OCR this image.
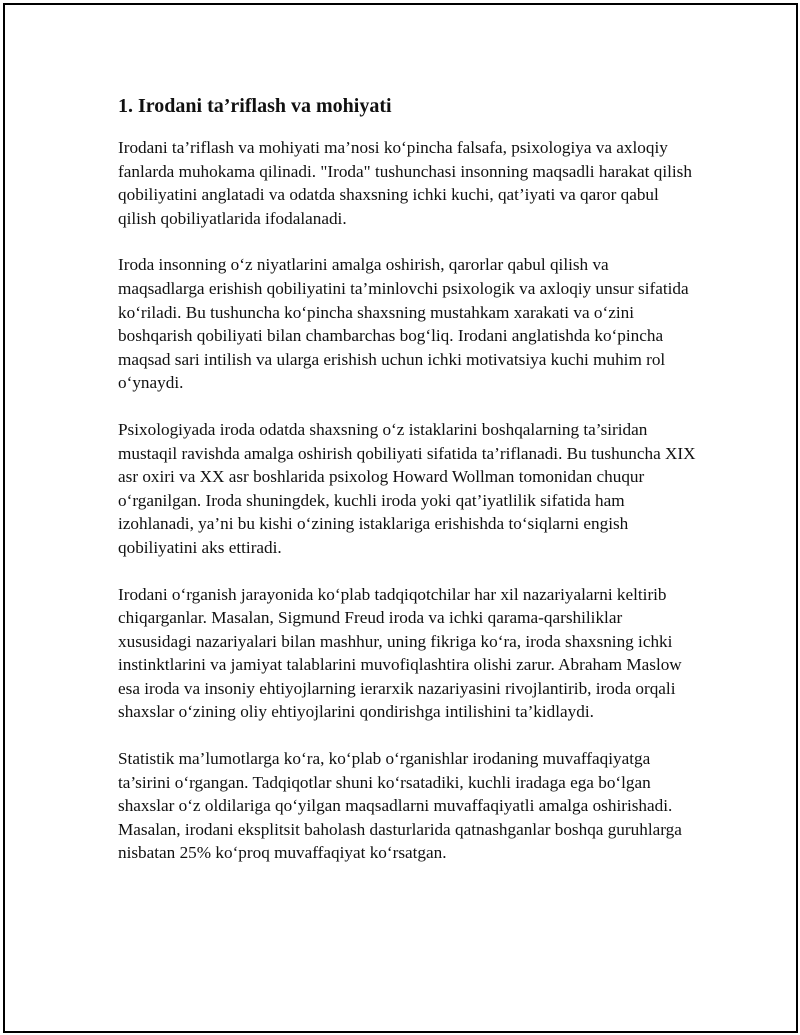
1. Irodani ta’riflash va mohiyati

Irodani ta’riflash va mohiyati ma’nosi ko‘pincha falsafa, psixologiya va axloqiy fanlarda muhokama qilinadi. "Iroda" tushunchasi insonning maqsadli harakat qilish qobiliyatini anglatadi va odatda shaxsning ichki kuchi, qat’iyati va qaror qabul qilish qobiliyatlarida ifodalanadi.

Iroda insonning o‘z niyatlarini amalga oshirish, qarorlar qabul qilish va maqsadlarga erishish qobiliyatini ta’minlovchi psixologik va axloqiy unsur sifatida ko‘riladi. Bu tushuncha ko‘pincha shaxsning mustahkam xarakati va o‘zini boshqarish qobiliyati bilan chambarchas bog‘liq. Irodani anglatishda ko‘pincha maqsad sari intilish va ularga erishish uchun ichki motivatsiya kuchi muhim rol o‘ynaydi.

Psixologiyada iroda odatda shaxsning o‘z istaklarini boshqalarning ta’siridan mustaqil ravishda amalga oshirish qobiliyati sifatida ta’riflanadi. Bu tushuncha XIX asr oxiri va XX asr boshlarida psixolog Howard Wollman tomonidan chuqur o‘rganilgan. Iroda shuningdek, kuchli iroda yoki qat’iyatlilik sifatida ham izohlanadi, ya’ni bu kishi o‘zining istaklariga erishishda to‘siqlarni engish qobiliyatini aks ettiradi.

Irodani o‘rganish jarayonida ko‘plab tadqiqotchilar har xil nazariyalarni keltirib chiqarganlar. Masalan, Sigmund Freud iroda va ichki qarama-qarshiliklar xususidagi nazariyalari bilan mashhur, uning fikriga ko‘ra, iroda shaxsning ichki instinktlarini va jamiyat talablarini muvofiqlashtira olishi zarur. Abraham Maslow esa iroda va insoniy ehtiyojlarning ierarxik nazariyasini rivojlantirib, iroda orqali shaxslar o‘zining oliy ehtiyojlarini qondirishga intilishini ta’kidlaydi.

Statistik ma’lumotlarga ko‘ra, ko‘plab o‘rganishlar irodaning muvaffaqiyatga ta’sirini o‘rgangan. Tadqiqotlar shuni ko‘rsatadiki, kuchli iradaga ega bo‘lgan shaxslar o‘z oldilariga qo‘yilgan maqsadlarni muvaffaqiyatli amalga oshirishadi. Masalan, irodani eksplitsit baholash dasturlarida qatnashganlar boshqa guruhlarga nisbatan 25% ko‘proq muvaffaqiyat ko‘rsatgan.
